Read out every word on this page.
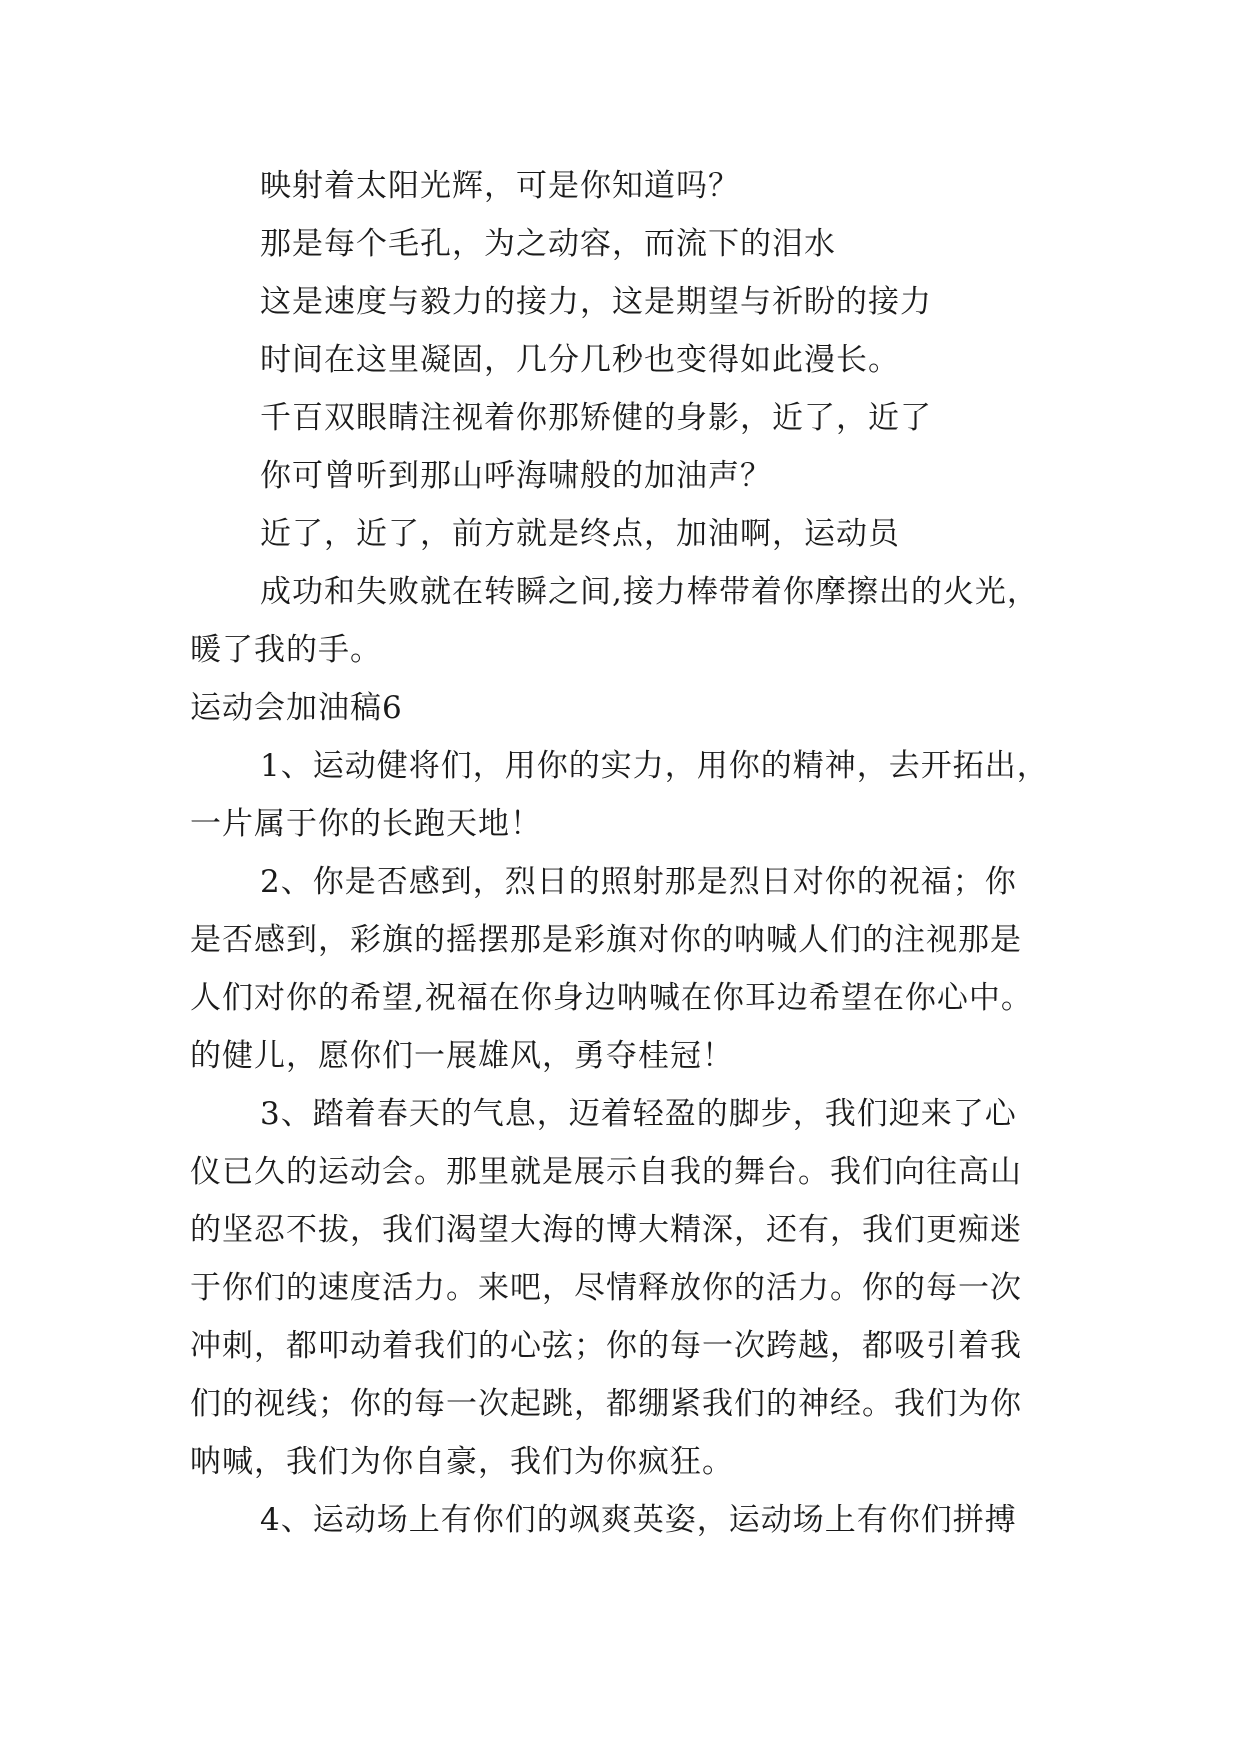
映射着太阳光辉，可是你知道吗？
那是每个毛孔，为之动容，而流下的泪水
这是速度与毅力的接力，这是期望与祈盼的接力
时间在这里凝固，几分几秒也变得如此漫长。
千百双眼睛注视着你那矫健的身影，近了，近了
你可曾听到那山呼海啸般的加油声？
近了，近了，前方就是终点，加油啊，运动员
成功和失败就在转瞬之间,接力棒带着你摩擦出的火光，
暖了我的手。
运动会加油稿6
1、运动健将们，用你的实力，用你的精神，去开拓出，
一片属于你的长跑天地！
2、你是否感到，烈日的照射那是烈日对你的祝福；你
是否感到，彩旗的摇摆那是彩旗对你的呐喊人们的注视那是
人们对你的希望,祝福在你身边呐喊在你耳边希望在你心中。
的健儿，愿你们一展雄风，勇夺桂冠！
3、踏着春天的气息，迈着轻盈的脚步，我们迎来了心
仪已久的运动会。那里就是展示自我的舞台。我们向往高山
的坚忍不拔，我们渴望大海的博大精深，还有，我们更痴迷
于你们的速度活力。来吧，尽情释放你的活力。你的每一次
冲刺，都叩动着我们的心弦；你的每一次跨越，都吸引着我
们的视线；你的每一次起跳，都绷紧我们的神经。我们为你
呐喊，我们为你自豪，我们为你疯狂。
4、运动场上有你们的飒爽英姿，运动场上有你们拼搏
